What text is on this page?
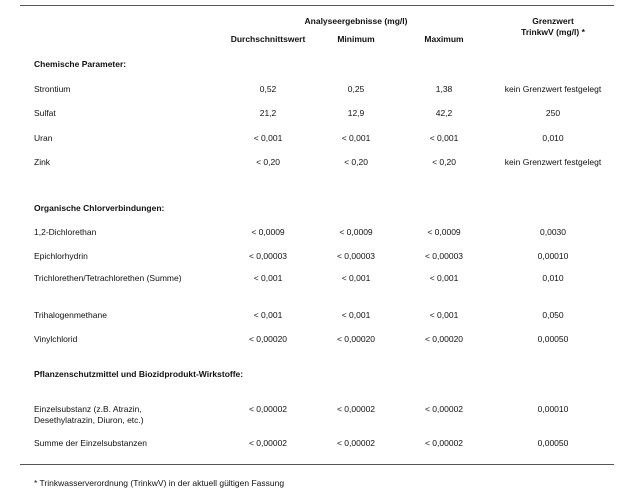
Analyseergebnisse (mg/l)
Durchschnittswert	Minimum	Maximum
Grenzwert
TrinkwV (mg/l) *
Chemische Parameter:
Strontium	0,52	0,25	1,38	kein Grenzwert festgelegt
Sulfat	21,2	12,9	42,2	250
Uran	< 0,001	< 0,001	< 0,001	0,010
Zink	< 0,20	< 0,20	< 0,20	kein Grenzwert festgelegt
Organische Chlorverbindungen:
1,2-Dichlorethan	< 0,0009	< 0,0009	< 0,0009	0,0030
Epichlorhydrin	< 0,00003	< 0,00003	< 0,00003	0,00010
Trichlorethen/Tetrachlorethen (Summe)	< 0,001	< 0,001	< 0,001	0,010
Trihalogenmethane	< 0,001	< 0,001	< 0,001	0,050
Vinylchlorid	< 0,00020	< 0,00020	< 0,00020	0,00050
Pflanzenschutzmittel und Biozidprodukt-Wirkstoffe:
Einzelsubstanz (z.B. Atrazin, Desethylatrazin, Diuron, etc.)
< 0,00002	< 0,00002	< 0,00002	0,00010
Summe der Einzelsubstanzen	< 0,00002	< 0,00002	< 0,00002	0,00050
* Trinkwasserverordnung (TrinkwV) in der aktuell gültigen Fassung
